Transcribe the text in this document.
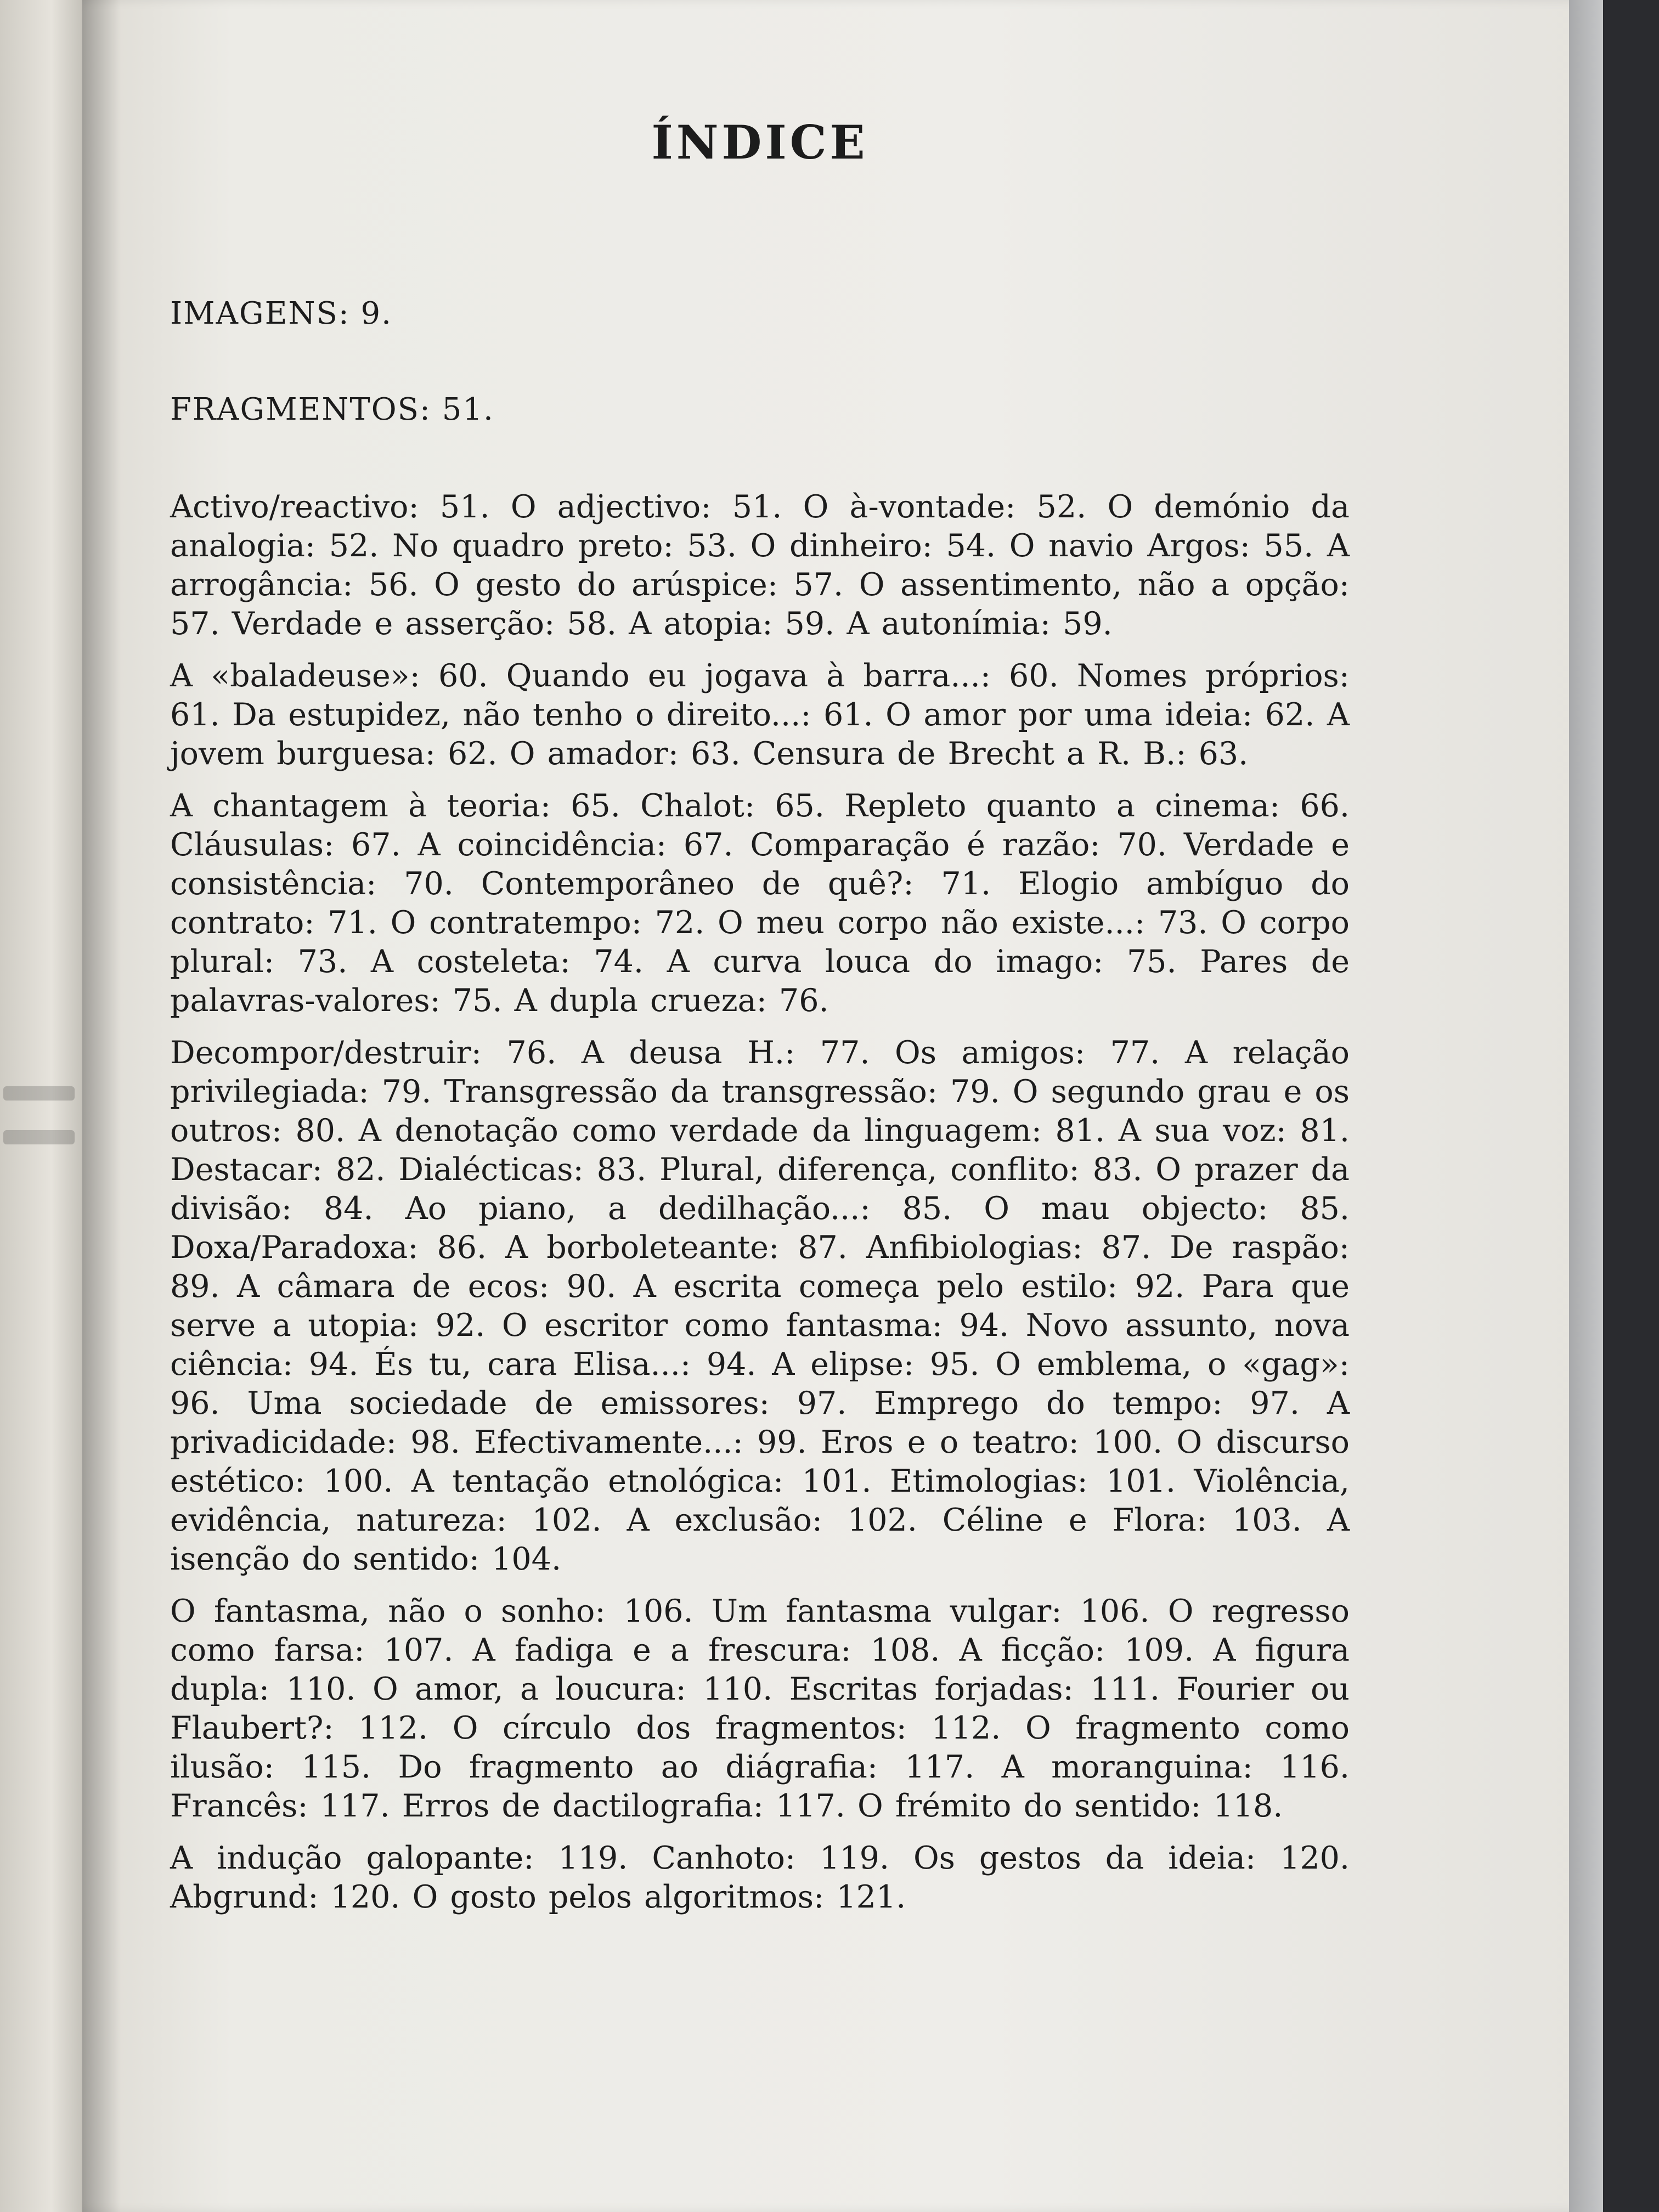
ÍNDICE
IMAGENS: 9.
FRAGMENTOS: 51.

Activo/reactivo: 51. O adjectivo: 51. O à-vontade: 52. O demónio da analogia: 52. No quadro preto: 53. O dinheiro: 54. O navio Argos: 55. A arrogância: 56. O gesto do arúspice: 57. O assentimento, não a opção: 57. Verdade e asserção: 58. A atopia: 59. A autonímia: 59.

A «baladeuse»: 60. Quando eu jogava à barra...: 60. Nomes próprios: 61. Da estupidez, não tenho o direito...: 61. O amor por uma ideia: 62. A jovem burguesa: 62. O amador: 63. Censura de Brecht a R. B.: 63.

A chantagem à teoria: 65. Chalot: 65. Repleto quanto a cinema: 66. Cláusulas: 67. A coincidência: 67. Comparação é razão: 70. Verdade e consistência: 70. Contemporâneo de quê?: 71. Elogio ambíguo do contrato: 71. O contratempo: 72. O meu corpo não existe...: 73. O corpo plural: 73. A costeleta: 74. A curva louca do imago: 75. Pares de palavras-valores: 75. A dupla crueza: 76.

Decompor/destruir: 76. A deusa H.: 77. Os amigos: 77. A relação privilegiada: 79. Transgressão da transgressão: 79. O segundo grau e os outros: 80. A denotação como verdade da linguagem: 81. A sua voz: 81. Destacar: 82. Dialécticas: 83. Plural, diferença, conflito: 83. O prazer da divisão: 84. Ao piano, a dedilhação...: 85. O mau objecto: 85. Doxa/Paradoxa: 86. A borboleteante: 87. Anfibiologias: 87. De raspão: 89. A câmara de ecos: 90. A escrita começa pelo estilo: 92. Para que serve a utopia: 92. O escritor como fantasma: 94. Novo assunto, nova ciência: 94. És tu, cara Elisa...: 94. A elipse: 95. O emblema, o «gag»: 96. Uma sociedade de emissores: 97. Emprego do tempo: 97. A privadicidade: 98. Efectivamente...: 99. Eros e o teatro: 100. O discurso estético: 100. A tentação etnológica: 101. Etimologias: 101. Violência, evidência, natureza: 102. A exclusão: 102. Céline e Flora: 103. A isenção do sentido: 104.

O fantasma, não o sonho: 106. Um fantasma vulgar: 106. O regresso como farsa: 107. A fadiga e a frescura: 108. A ficção: 109. A figura dupla: 110. O amor, a loucura: 110. Escritas forjadas: 111. Fourier ou Flaubert?: 112. O círculo dos fragmentos: 112. O fragmento como ilusão: 115. Do fragmento ao diágrafia: 117. A moranguina: 116. Francês: 117. Erros de dactilografia: 117. O frémito do sentido: 118.

A indução galopante: 119. Canhoto: 119. Os gestos da ideia: 120. Abgrund: 120. O gosto pelos algoritmos: 121.
